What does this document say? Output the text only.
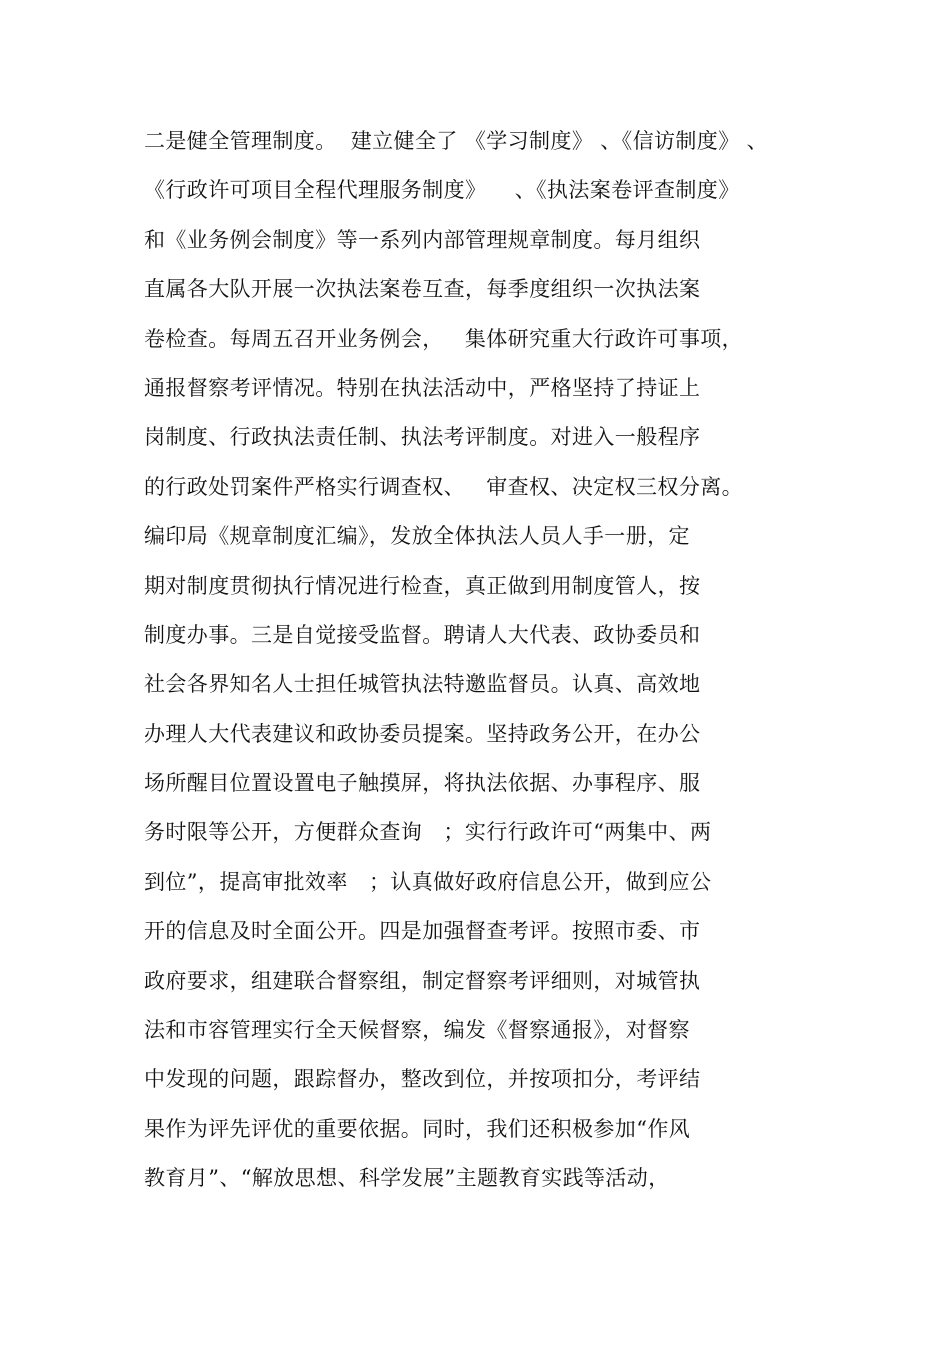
二是健全管理制度。  建立健全了 《学习制度》 、《信访制度》 、
《行政许可项目全程代理服务制度》    、《执法案卷评查制度》
和《业务例会制度》等一系列内部管理规章制度。每月组织
直属各大队开展一次执法案卷互查，每季度组织一次执法案
卷检查。每周五召开业务例会，   集体研究重大行政许可事项，
通报督察考评情况。特别在执法活动中，严格坚持了持证上
岗制度、行政执法责任制、执法考评制度。对进入一般程序
的行政处罚案件严格实行调查权、   审查权、决定权三权分离。
编印局《规章制度汇编》，发放全体执法人员人手一册，定
期对制度贯彻执行情况进行检查，真正做到用制度管人，按
制度办事。三是自觉接受监督。聘请人大代表、政协委员和
社会各界知名人士担任城管执法特邀监督员。认真、高效地
办理人大代表建议和政协委员提案。坚持政务公开，在办公
场所醒目位置设置电子触摸屏，将执法依据、办事程序、服
务时限等公开，方便群众查询   ；实行行政许可“两集中、两
到位”，提高审批效率   ；认真做好政府信息公开，做到应公
开的信息及时全面公开。四是加强督查考评。按照市委、市
政府要求，组建联合督察组，制定督察考评细则，对城管执
法和市容管理实行全天候督察，编发《督察通报》，对督察
中发现的问题，跟踪督办，整改到位，并按项扣分，考评结
果作为评先评优的重要依据。同时，我们还积极参加“作风
教育月”、“解放思想、科学发展”主题教育实践等活动，
